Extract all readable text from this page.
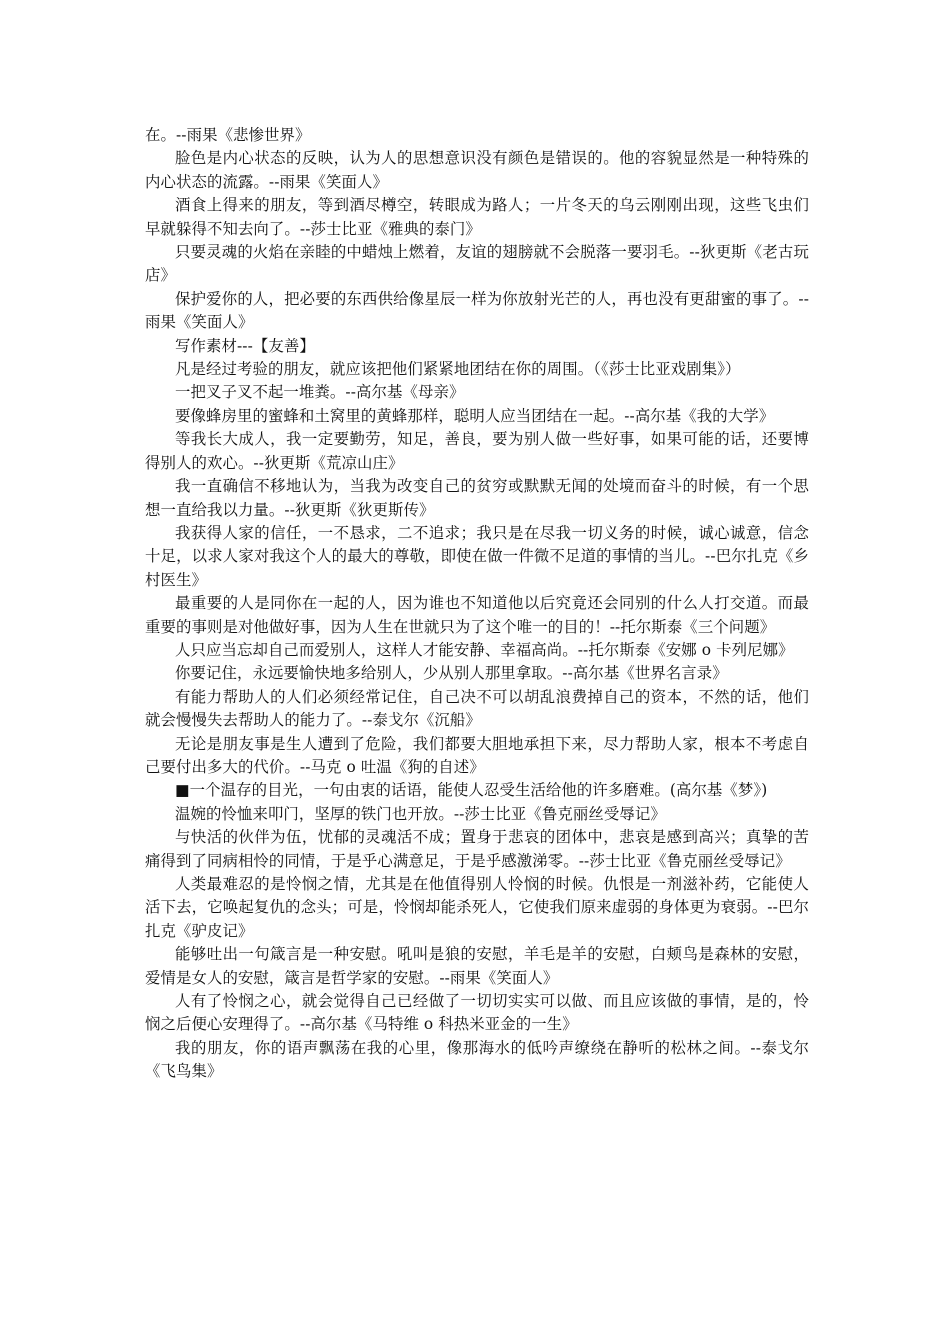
在。--雨果《悲惨世界》

脸色是内心状态的反映，认为人的思想意识没有颜色是错误的。他的容貌显然是一种特殊的内心状态的流露。--雨果《笑面人》

酒食上得来的朋友，等到酒尽樽空，转眼成为路人；一片冬天的乌云刚刚出现，这些飞虫们早就躲得不知去向了。--莎士比亚《雅典的泰门》

只要灵魂的火焰在亲睦的中蜡烛上燃着，友谊的翅膀就不会脱落一要羽毛。--狄更斯《老古玩店》

保护爱你的人，把必要的东西供给像星辰一样为你放射光芒的人，再也没有更甜蜜的事了。--雨果《笑面人》

写作素材---【友善】

凡是经过考验的朋友，就应该把他们紧紧地团结在你的周围。（《莎士比亚戏剧集》）

一把叉子叉不起一堆粪。--高尔基《母亲》

要像蜂房里的蜜蜂和土窝里的黄蜂那样，聪明人应当团结在一起。--高尔基《我的大学》

等我长大成人，我一定要勤劳，知足，善良，要为别人做一些好事，如果可能的话，还要博得别人的欢心。--狄更斯《荒凉山庄》

我一直确信不移地认为，当我为改变自己的贫穷或默默无闻的处境而奋斗的时候，有一个思想一直给我以力量。--狄更斯《狄更斯传》

我获得人家的信任，一不恳求，二不追求；我只是在尽我一切义务的时候，诚心诚意，信念十足，以求人家对我这个人的最大的尊敬，即使在做一件微不足道的事情的当儿。--巴尔扎克《乡村医生》

最重要的人是同你在一起的人，因为谁也不知道他以后究竟还会同别的什么人打交道。而最重要的事则是对他做好事，因为人生在世就只为了这个唯一的目的！--托尔斯泰《三个问题》

人只应当忘却自己而爱别人，这样人才能安静、幸福高尚。--托尔斯泰《安娜 o 卡列尼娜》

你要记住，永远要愉快地多给别人，少从别人那里拿取。--高尔基《世界名言录》

有能力帮助人的人们必须经常记住，自己决不可以胡乱浪费掉自己的资本，不然的话，他们就会慢慢失去帮助人的能力了。--泰戈尔《沉船》

无论是朋友事是生人遭到了危险，我们都要大胆地承担下来，尽力帮助人家，根本不考虑自己要付出多大的代价。--马克 o 吐温《狗的自述》

■一个温存的目光，一句由衷的话语，能使人忍受生活给他的许多磨难。(高尔基《梦》)

温婉的怜恤来叩门，坚厚的铁门也开放。--莎士比亚《鲁克丽丝受辱记》

与快活的伙伴为伍，忧郁的灵魂活不成；置身于悲哀的团体中，悲哀是感到高兴；真挚的苦痛得到了同病相怜的同情，于是乎心满意足，于是乎感激涕零。--莎士比亚《鲁克丽丝受辱记》

人类最难忍的是怜悯之情，尤其是在他值得别人怜悯的时候。仇恨是一剂滋补药，它能使人活下去，它唤起复仇的念头；可是，怜悯却能杀死人，它使我们原来虚弱的身体更为衰弱。--巴尔扎克《驴皮记》

能够吐出一句箴言是一种安慰。吼叫是狼的安慰，羊毛是羊的安慰，白颊鸟是森林的安慰，爱情是女人的安慰，箴言是哲学家的安慰。--雨果《笑面人》

人有了怜悯之心，就会觉得自己已经做了一切切实实可以做、而且应该做的事情，是的，怜悯之后便心安理得了。--高尔基《马特维 o 科热米亚金的一生》

我的朋友，你的语声飘荡在我的心里，像那海水的低吟声缭绕在静听的松林之间。--泰戈尔《飞鸟集》
